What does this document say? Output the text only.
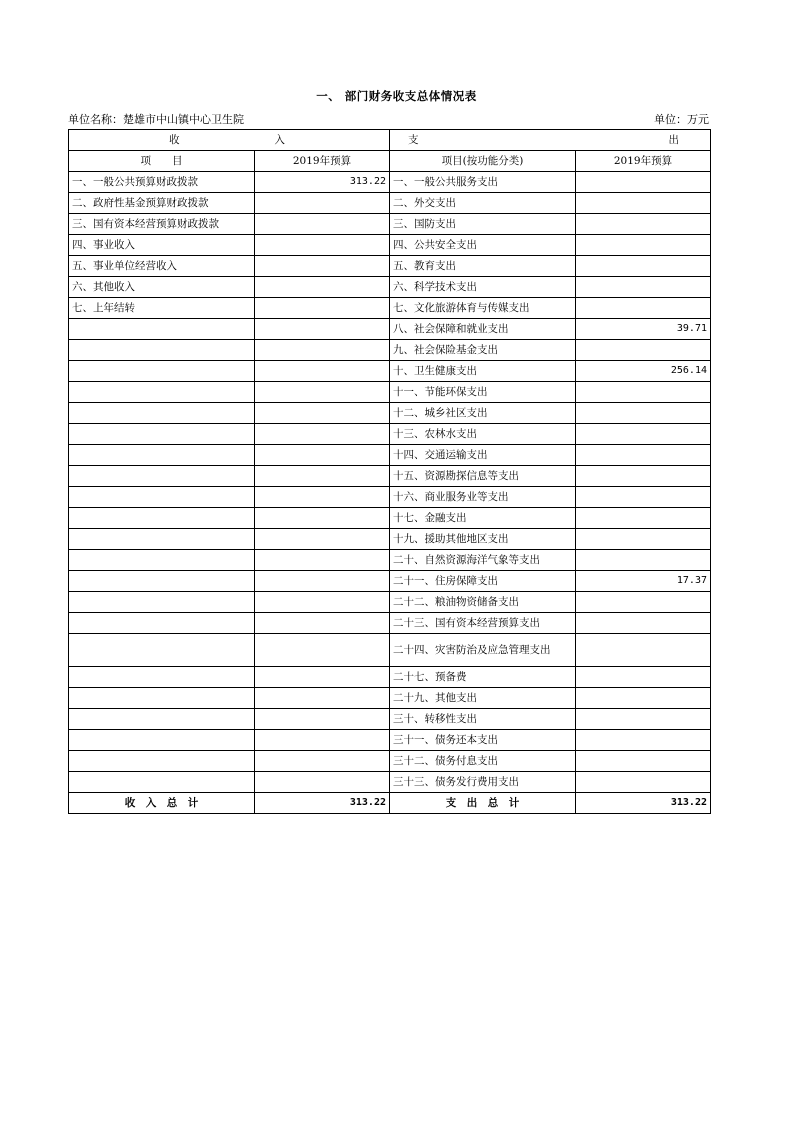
一、 部门财务收支总体情况表
单位名称：楚雄市中山镇中心卫生院	单位：万元
收 入		支 出	
项　　目	2019年预算	项目(按功能分类)	2019年预算
一、一般公共预算财政拨款	313.22	一、一般公共服务支出	
二、政府性基金预算财政拨款		二、外交支出	
三、国有资本经营预算财政拨款		三、国防支出	
四、事业收入		四、公共安全支出	
五、事业单位经营收入		五、教育支出	
六、其他收入		六、科学技术支出	
七、上年结转		七、文化旅游体育与传媒支出	
		八、社会保障和就业支出	39.71
		九、社会保险基金支出	
		十、卫生健康支出	256.14
		十一、节能环保支出	
		十二、城乡社区支出	
		十三、农林水支出	
		十四、交通运输支出	
		十五、资源勘探信息等支出	
		十六、商业服务业等支出	
		十七、金融支出	
		十九、援助其他地区支出	
		二十、自然资源海洋气象等支出	
		二十一、住房保障支出	17.37
		二十二、粮油物资储备支出	
		二十三、国有资本经营预算支出	
		二十四、灾害防治及应急管理支出	
		二十七、预备费	
		二十九、其他支出	
		三十、转移性支出	
		三十一、债务还本支出	
		三十二、债务付息支出	
		三十三、债务发行费用支出	
收　入　总　计	313.22	支　出　总　计	313.22
